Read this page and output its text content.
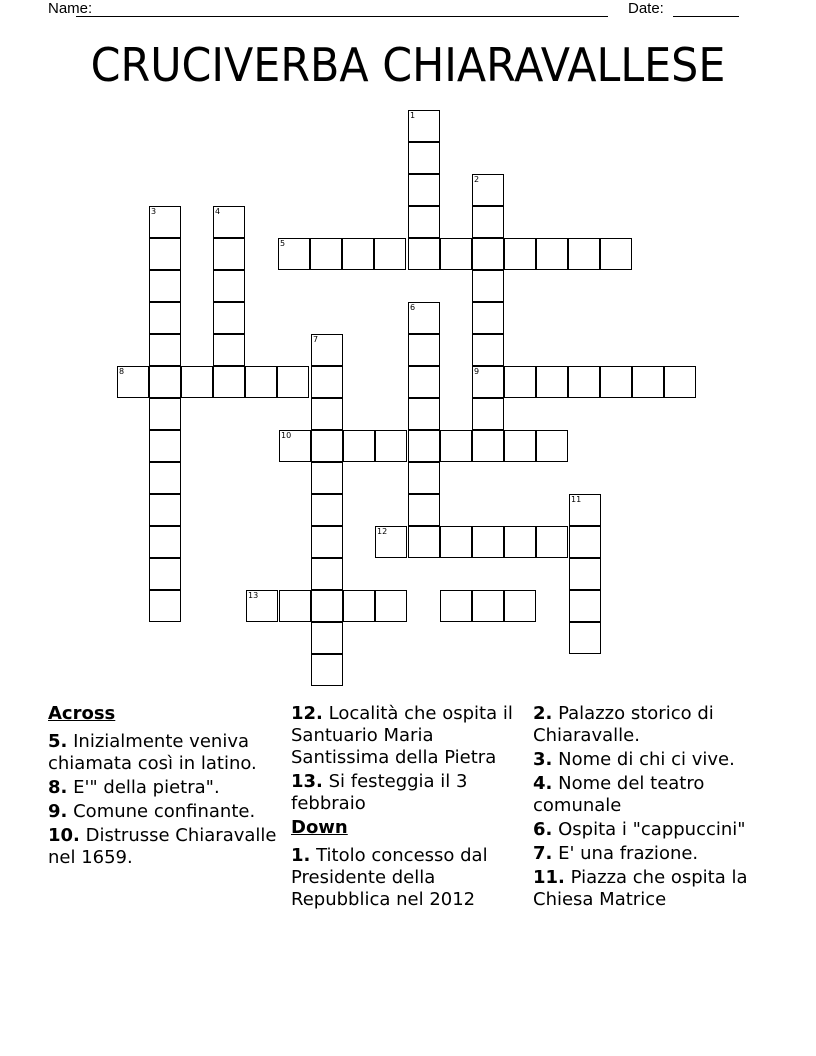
Name:	Date:
CRUCIVERBA CHIARAVALLESE
1
2
3	4
5
6
7
8	9
10
11
12
13
Across
5. Inizialmente veniva chiamata così in latino.
8. E'" della pietra".
9. Comune confinante.
10. Distrusse Chiaravalle nel 1659.
12. Località che ospita il Santuario Maria Santissima della Pietra
13. Si festeggia il 3 febbraio
Down
1. Titolo concesso dal Presidente della Repubblica nel 2012
2. Palazzo storico di Chiaravalle.
3. Nome di chi ci vive.
4. Nome del teatro comunale
6. Ospita i "cappuccini"
7. E' una frazione.
11. Piazza che ospita la Chiesa Matrice
